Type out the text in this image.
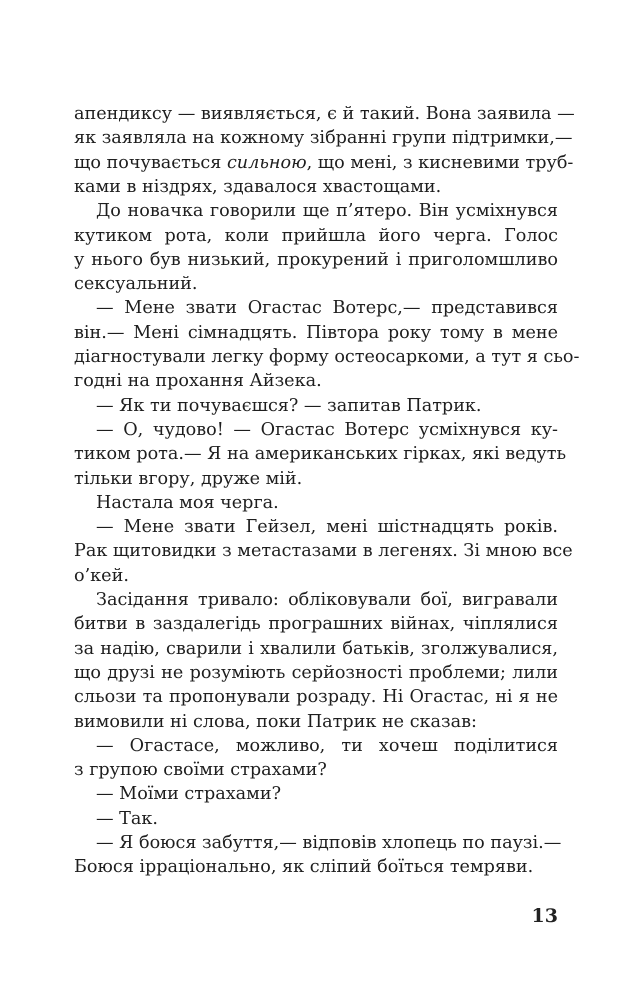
апендиксу — виявляється, є й такий. Вона заявила —
як заявляла на кожному зібранні групи підтримки,—
що почувається сильною, що мені, з кисневими труб-
ками в ніздрях, здавалося хвастощами.
До новачка говорили ще п’ятеро. Він усміхнувся
кутиком рота, коли прийшла його черга. Голос
у нього був низький, прокурений і приголомшливо
сексуальний.
— Мене звати Огастас Вотерс,— представився
він.— Мені сімнадцять. Півтора року тому в мене
діагностували легку форму остеосаркоми, а тут я сьо-
годні на прохання Айзека.
— Як ти почуваєшся? — запитав Патрик.
— О, чудово! — Огастас Вотерс усміхнувся ку-
тиком рота.— Я на американських гірках, які ведуть
тільки вгору, друже мій.
Настала моя черга.
— Мене звати Гейзел, мені шістнадцять років.
Рак щитовидки з метастазами в легенях. Зі мною все
о’кей.
Засідання тривало: обліковували бої, вигравали
битви в заздалегідь програшних війнах, чіплялися
за надію, сварили і хвалили батьків, зголжувалися,
що друзі не розуміють серйозності проблеми; лили
сльози та пропонували розраду. Ні Огастас, ні я не
вимовили ні слова, поки Патрик не сказав:
— Огастасе, можливо, ти хочеш поділитися
з групою своїми страхами?
— Моїми страхами?
— Так.
— Я боюся забуття,— відповів хлопець по паузі.—
Боюся ірраціонально, як сліпий боїться темряви.
13
